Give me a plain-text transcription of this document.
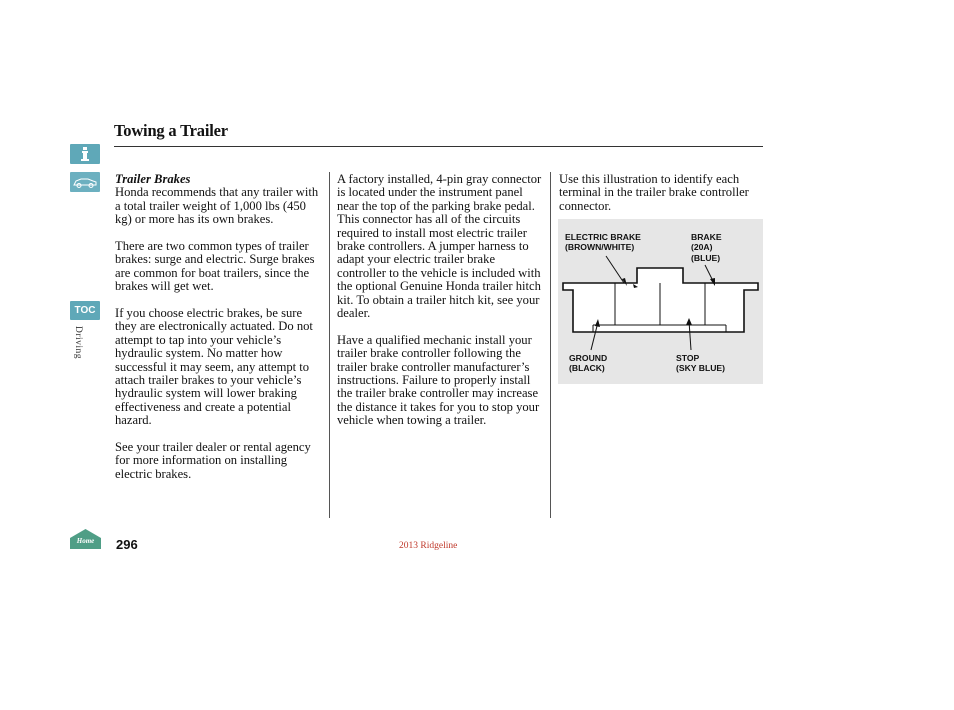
Towing a Trailer
TOC
Driving
Home
Trailer Brakes

Honda recommends that any trailer with a total trailer weight of 1,000 lbs (450 kg) or more has its own brakes.

There are two common types of trailer brakes: surge and electric. Surge brakes are common for boat trailers, since the brakes will get wet.

If you choose electric brakes, be sure they are electronically actuated. Do not attempt to tap into your vehicle’s hydraulic system. No matter how successful it may seem, any attempt to attach trailer brakes to your vehicle’s hydraulic system will lower braking effectiveness and create a potential hazard.

See your trailer dealer or rental agency for more information on installing electric brakes.

A factory installed, 4-pin gray connector is located under the instrument panel near the top of the parking brake pedal. This connector has all of the circuits required to install most electric trailer brake controllers. A jumper harness to adapt your electric trailer brake controller to the vehicle is included with the optional Genuine Honda trailer hitch kit. To obtain a trailer hitch kit, see your dealer.

Have a qualified mechanic install your trailer brake controller following the trailer brake controller manufacturer’s instructions. Failure to properly install the trailer brake controller may increase the distance it takes for you to stop your vehicle when towing a trailer.

Use this illustration to identify each terminal in the trailer brake controller connector.

ELECTRIC BRAKE
(BROWN/WHITE)
BRAKE
(20A)
(BLUE)
GROUND
(BLACK)
STOP
(SKY BLUE)
296	2013 Ridgeline
